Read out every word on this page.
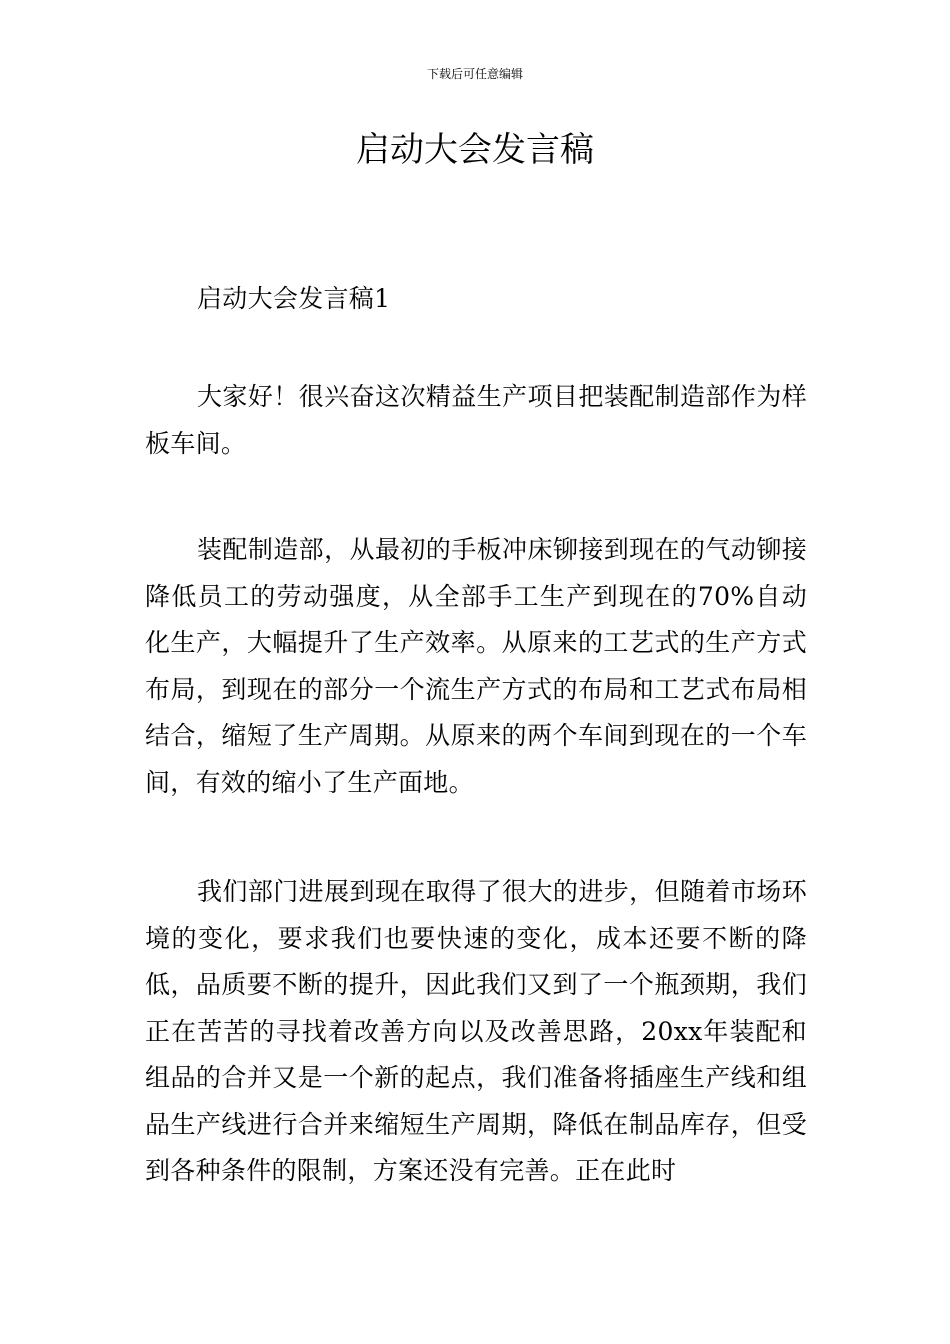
下载后可任意编辑
启动大会发言稿

启动大会发言稿1

大家好！很兴奋这次精益生产项目把装配制造部作为样板车间。

装配制造部，从最初的手板冲床铆接到现在的气动铆接降低员工的劳动强度，从全部手工生产到现在的70%自动化生产，大幅提升了生产效率。从原来的工艺式的生产方式布局，到现在的部分一个流生产方式的布局和工艺式布局相结合，缩短了生产周期。从原来的两个车间到现在的一个车间，有效的缩小了生产面地。

我们部门进展到现在取得了很大的进步，但随着市场环境的变化，要求我们也要快速的变化，成本还要不断的降低，品质要不断的提升，因此我们又到了一个瓶颈期，我们正在苦苦的寻找着改善方向以及改善思路，20xx年装配和组品的合并又是一个新的起点，我们准备将插座生产线和组品生产线进行合并来缩短生产周期，降低在制品库存，但受到各种条件的限制，方案还没有完善。正在此时
